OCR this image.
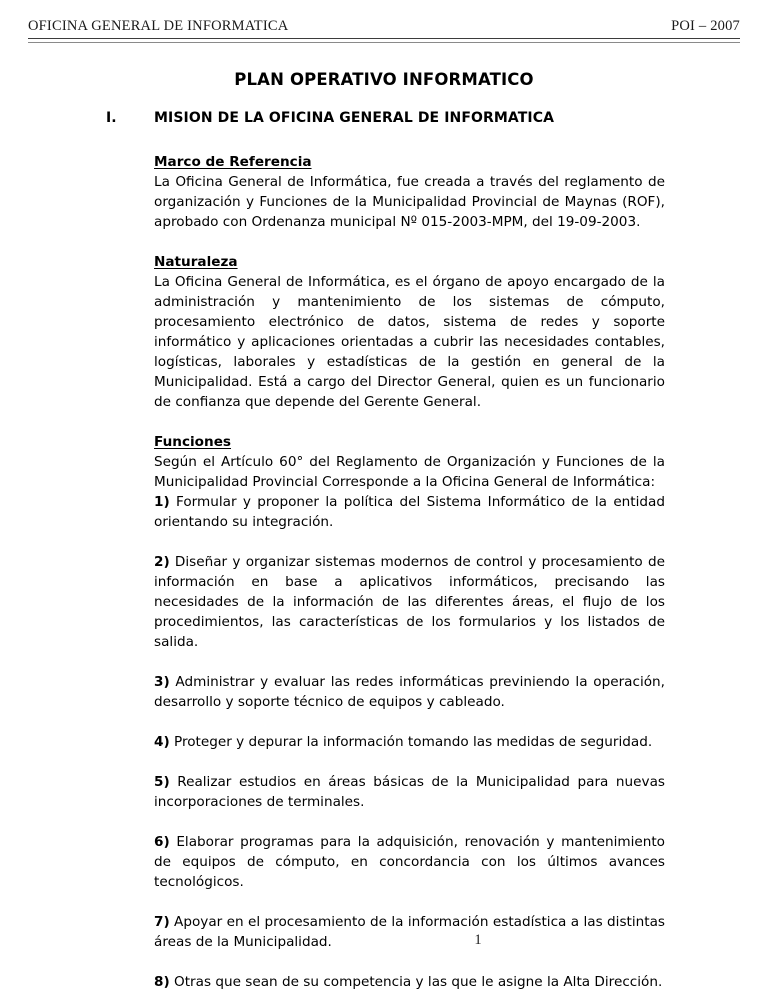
OFICINA GENERAL DE INFORMATICA	POI – 2007
PLAN OPERATIVO INFORMATICO
I.	MISION DE LA OFICINA GENERAL DE INFORMATICA
Marco de Referencia

La Oficina General de Informática, fue creada a través del reglamento de organización y Funciones de la Municipalidad Provincial de Maynas (ROF), aprobado con Ordenanza municipal Nº 015-2003-MPM, del 19-09-2003.

Naturaleza

La Oficina General de Informática, es el órgano de apoyo encargado de la administración y mantenimiento de los sistemas de cómputo, procesamiento electrónico de datos, sistema de redes y soporte informático y aplicaciones orientadas a cubrir las necesidades contables, logísticas, laborales y estadísticas de la gestión en general de la Municipalidad. Está a cargo del Director General, quien es un funcionario de confianza que depende del Gerente General.

Funciones

Según el Artículo 60° del Reglamento de Organización y Funciones de la Municipalidad Provincial Corresponde a la Oficina General de Informática:

1) Formular y proponer la política del Sistema Informático de la entidad orientando su integración.

2) Diseñar y organizar sistemas modernos de control y procesamiento de información en base a aplicativos informáticos, precisando las necesidades de la información de las diferentes áreas, el flujo de los procedimientos, las características de los formularios y los listados de salida.

3) Administrar y evaluar las redes informáticas previniendo la operación, desarrollo y soporte técnico de equipos y cableado.

4) Proteger y depurar la información tomando las medidas de seguridad.

5) Realizar estudios en áreas básicas de la Municipalidad para nuevas incorporaciones de terminales.

6) Elaborar programas para la adquisición, renovación y mantenimiento de equipos de cómputo, en concordancia con los últimos avances tecnológicos.

7) Apoyar en el procesamiento de la información estadística a las distintas áreas de la Municipalidad.

8) Otras que sean de su competencia y las que le asigne la Alta Dirección.

1
